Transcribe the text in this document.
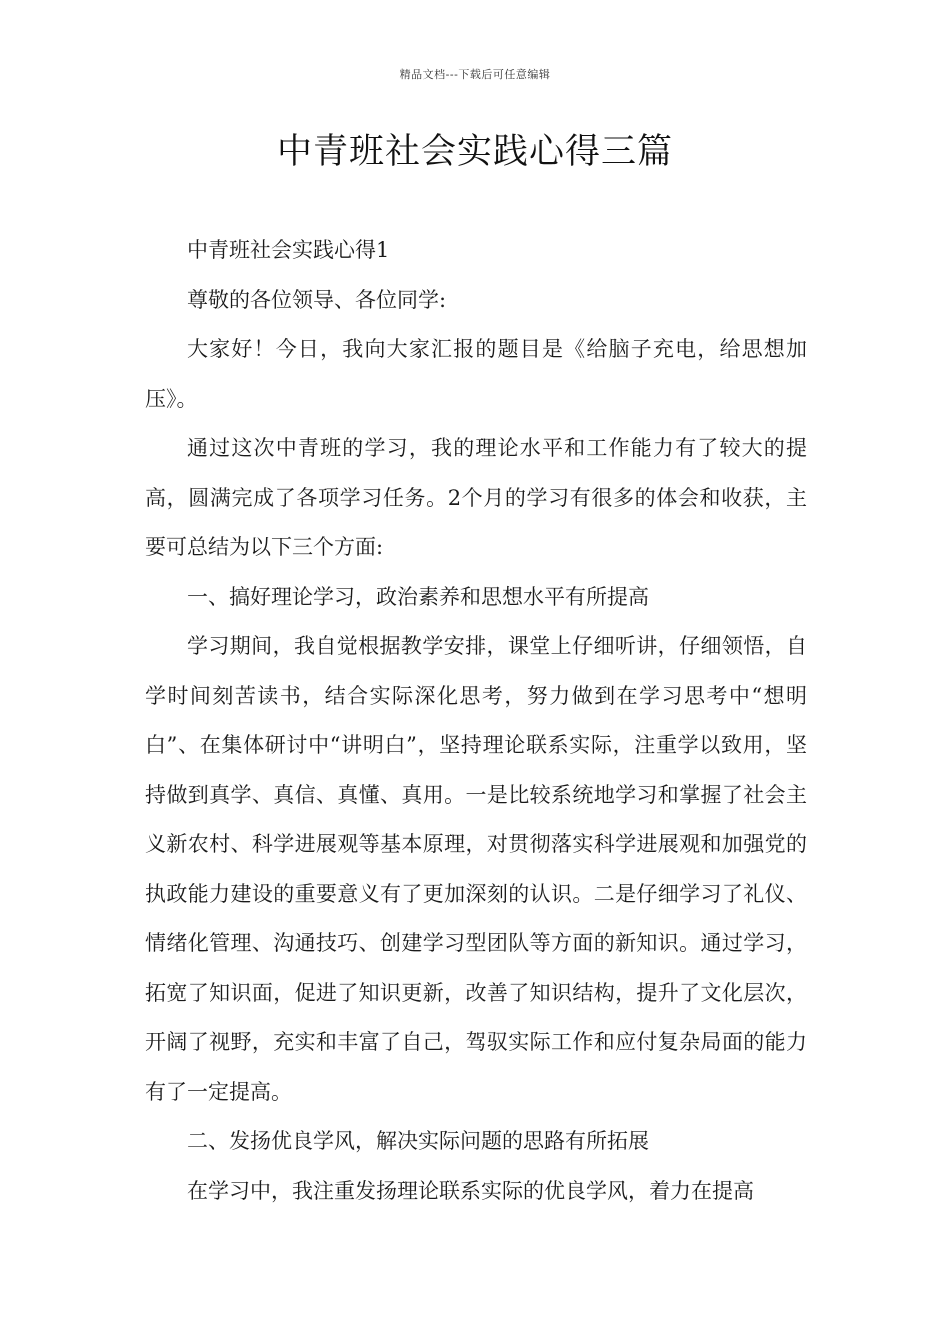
精品文档---下载后可任意编辑
中青班社会实践心得三篇

中青班社会实践心得1

尊敬的各位领导、各位同学:

大家好！今日，我向大家汇报的题目是《给脑子充电，给思想加压》。

通过这次中青班的学习，我的理论水平和工作能力有了较大的提高，圆满完成了各项学习任务。2个月的学习有很多的体会和收获，主要可总结为以下三个方面:

一、搞好理论学习，政治素养和思想水平有所提高

学习期间，我自觉根据教学安排，课堂上仔细听讲，仔细领悟，自学时间刻苦读书，结合实际深化思考，努力做到在学习思考中“想明白”、在集体研讨中“讲明白”，坚持理论联系实际，注重学以致用，坚持做到真学、真信、真懂、真用。一是比较系统地学习和掌握了社会主义新农村、科学进展观等基本原理，对贯彻落实科学进展观和加强党的执政能力建设的重要意义有了更加深刻的认识。二是仔细学习了礼仪、情绪化管理、沟通技巧、创建学习型团队等方面的新知识。通过学习，拓宽了知识面，促进了知识更新，改善了知识结构，提升了文化层次，开阔了视野，充实和丰富了自己，驾驭实际工作和应付复杂局面的能力有了一定提高。

二、发扬优良学风，解决实际问题的思路有所拓展

在学习中，我注重发扬理论联系实际的优良学风，着力在提高
